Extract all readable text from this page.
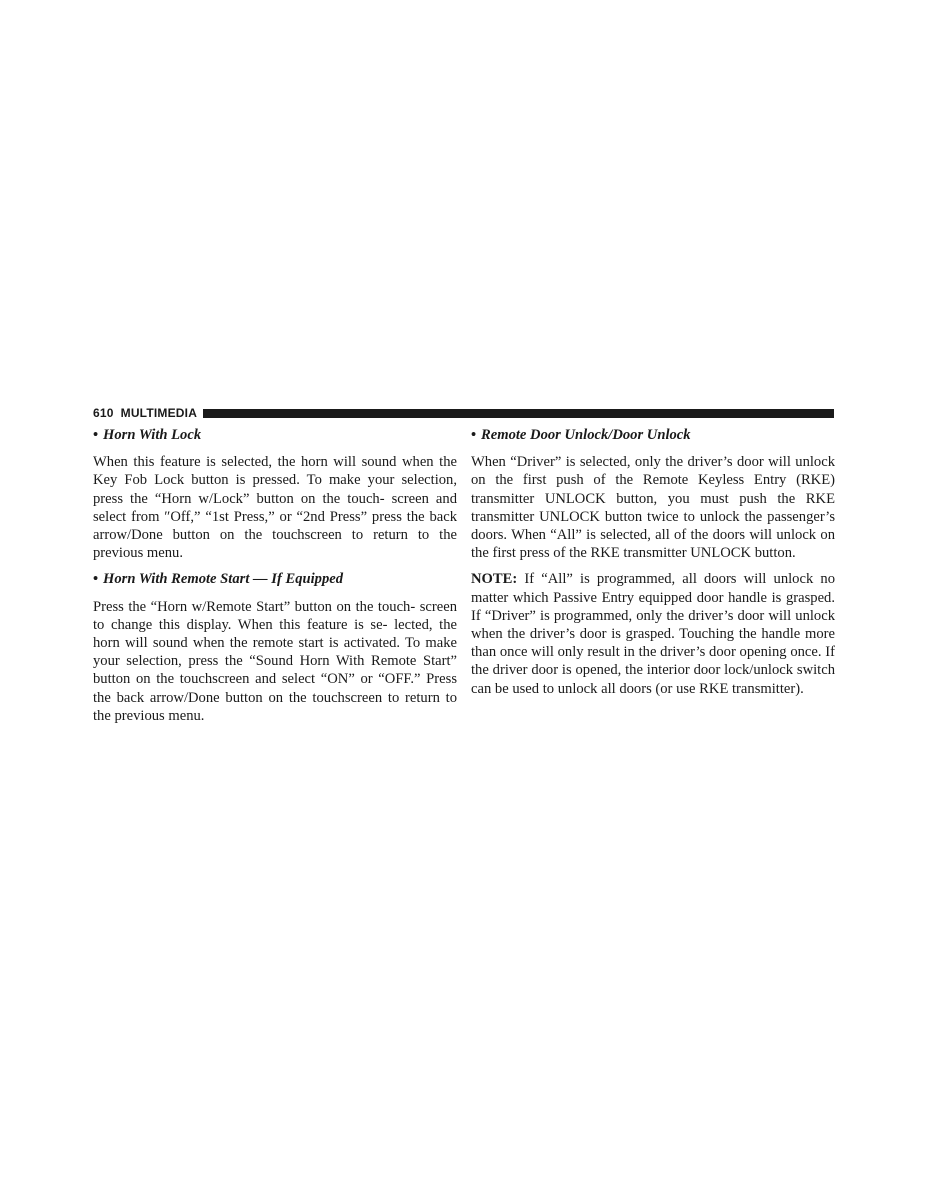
610 MULTIMEDIA
• Horn With Lock

When this feature is selected, the horn will sound when the Key Fob Lock button is pressed. To make your selection, press the “Horn w/Lock” button on the touch- screen and select from ″Off,” “1st Press,” or “2nd Press” press the back arrow/Done button on the touchscreen to return to the previous menu.

• Horn With Remote Start — If Equipped

Press the “Horn w/Remote Start” button on the touch- screen to change this display. When this feature is se- lected, the horn will sound when the remote start is activated. To make your selection, press the “Sound Horn With Remote Start” button on the touchscreen and select “ON” or “OFF.” Press the back arrow/Done button on the touchscreen to return to the previous menu.

• Remote Door Unlock/Door Unlock

When “Driver” is selected, only the driver’s door will unlock on the first push of the Remote Keyless Entry (RKE) transmitter UNLOCK button, you must push the RKE transmitter UNLOCK button twice to unlock the passenger’s doors. When “All” is selected, all of the doors will unlock on the first press of the RKE transmitter UNLOCK button.

NOTE: If “All” is programmed, all doors will unlock no matter which Passive Entry equipped door handle is grasped. If “Driver” is programmed, only the driver’s door will unlock when the driver’s door is grasped. Touching the handle more than once will only result in the driver’s door opening once. If the driver door is opened, the interior door lock/unlock switch can be used to unlock all doors (or use RKE transmitter).
